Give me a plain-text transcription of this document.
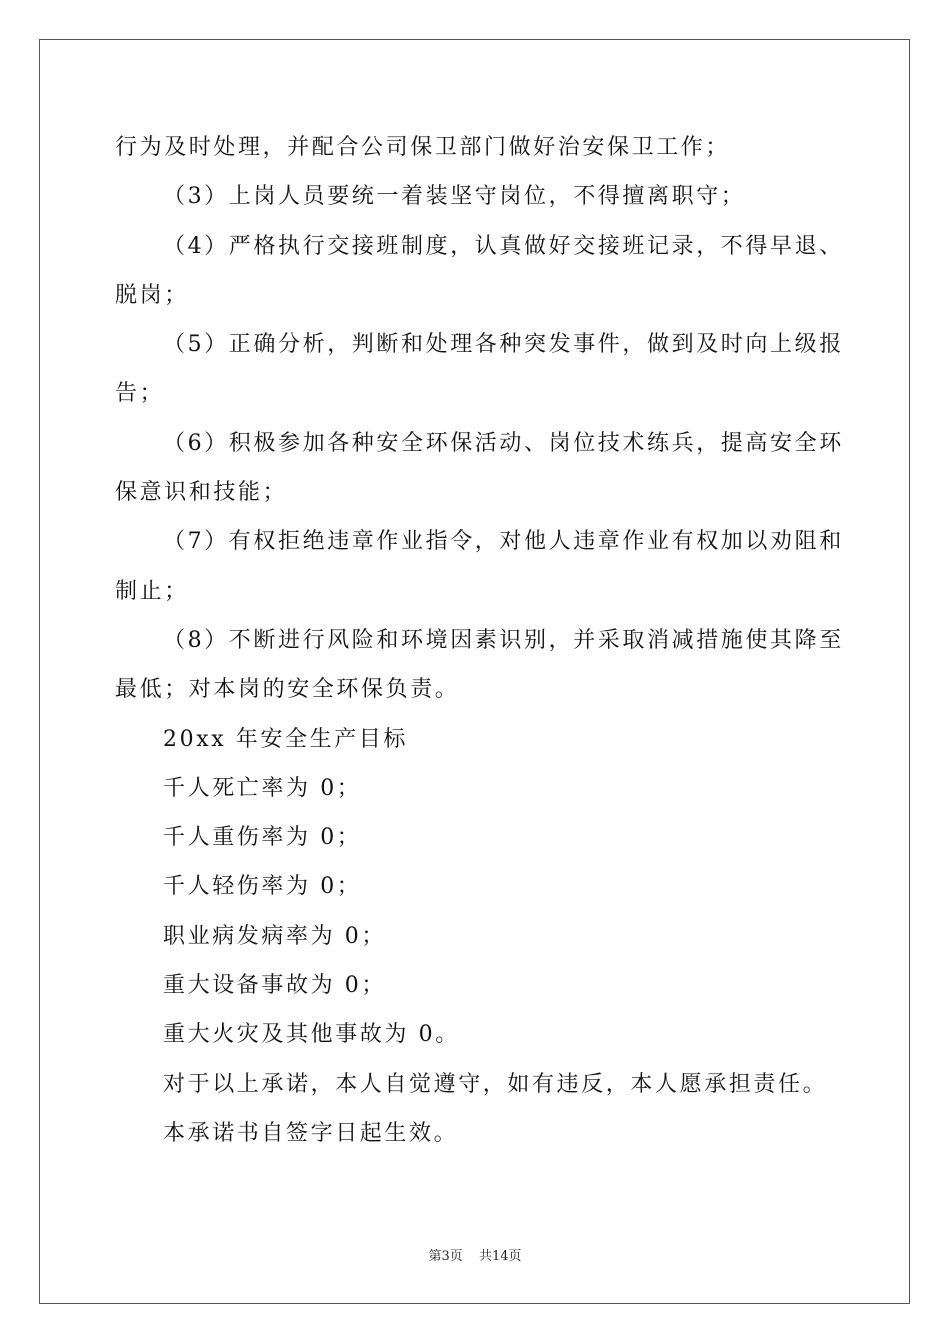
行为及时处理，并配合公司保卫部门做好治安保卫工作；
（3）上岗人员要统一着装坚守岗位，不得擅离职守；
（4）严格执行交接班制度，认真做好交接班记录，不得早退、
脱岗；
（5）正确分析，判断和处理各种突发事件，做到及时向上级报
告；
（6）积极参加各种安全环保活动、岗位技术练兵，提高安全环
保意识和技能；
（7）有权拒绝违章作业指令，对他人违章作业有权加以劝阻和
制止；
（8）不断进行风险和环境因素识别，并采取消减措施使其降至
最低；对本岗的安全环保负责。
20xx 年安全生产目标
千人死亡率为 0；
千人重伤率为 0；
千人轻伤率为 0；
职业病发病率为 0；
重大设备事故为 0；
重大火灾及其他事故为 0。
对于以上承诺，本人自觉遵守，如有违反，本人愿承担责任。
本承诺书自签字日起生效。
第3页 共14页
